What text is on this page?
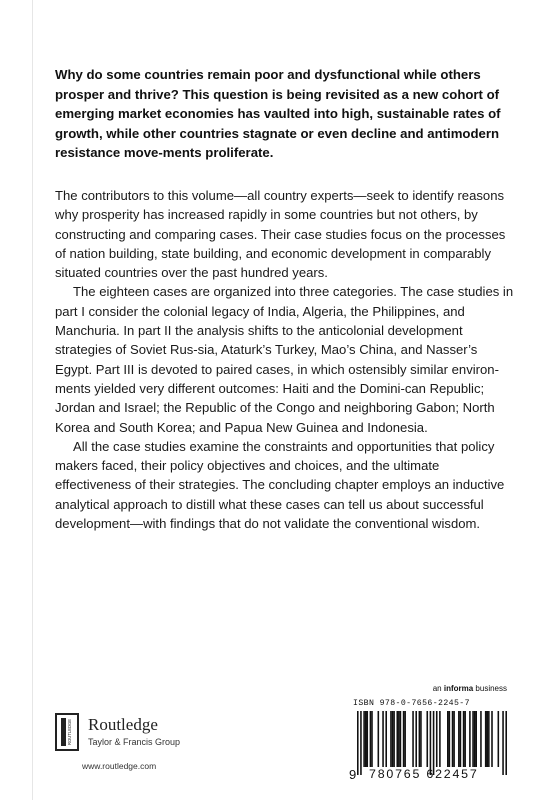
Why do some countries remain poor and dysfunctional while others prosper and thrive? This question is being revisited as a new cohort of emerging market economies has vaulted into high, sustainable rates of growth, while other countries stagnate or even decline and antimodern resistance move-ments proliferate.

The contributors to this volume—all country experts—seek to identify reasons why prosperity has increased rapidly in some countries but not others, by constructing and comparing cases. Their case studies focus on the processes of nation building, state building, and economic development in comparably situated countries over the past hundred years.

The eighteen cases are organized into three categories. The case studies in part I consider the colonial legacy of India, Algeria, the Philippines, and Manchuria. In part II the analysis shifts to the anticolonial development strategies of Soviet Rus-sia, Ataturk’s Turkey, Mao’s China, and Nasser’s Egypt. Part III is devoted to paired cases, in which ostensibly similar environ-ments yielded very different outcomes: Haiti and the Domini-can Republic; Jordan and Israel; the Republic of the Congo and neighboring Gabon; North Korea and South Korea; and Papua New Guinea and Indonesia.

All the case studies examine the constraints and opportunities that policy makers faced, their policy objectives and choices, and the ultimate effectiveness of their strategies. The concluding chapter employs an inductive analytical approach to distill what these cases can tell us about successful development—with findings that do not validate the conventional wisdom.

an informa business
ROUTLEDGE Routledge
Taylor & Francis Group
www.routledge.com
ISBN 978-0-7656-2245-7
9 780765 622457
